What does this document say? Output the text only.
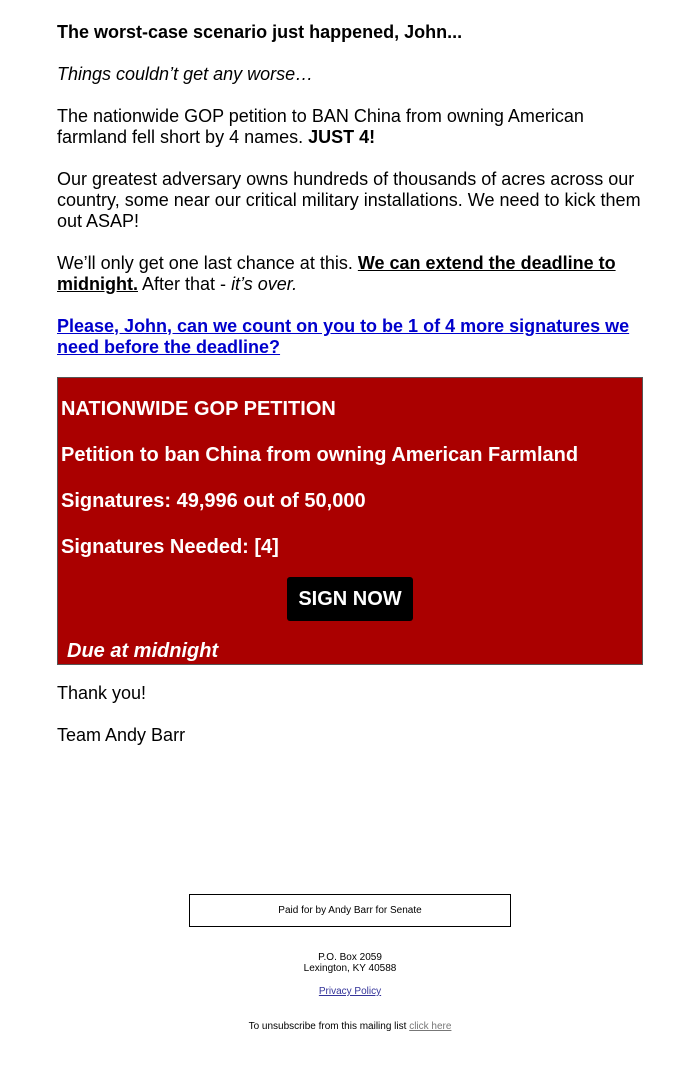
The worst-case scenario just happened, John...

Things couldn’t get any worse…

The nationwide GOP petition to BAN China from owning American farmland fell short by 4 names. JUST 4!

Our greatest adversary owns hundreds of thousands of acres across our country, some near our critical military installations. We need to kick them out ASAP!

We’ll only get one last chance at this. We can extend the deadline to midnight. After that - it’s over.

Please, John, can we count on you to be 1 of 4 more signatures we need before the deadline?

NATIONWIDE GOP PETITION
Petition to ban China from owning American Farmland
Signatures: 49,996 out of 50,000
Signatures Needed: [4]
SIGN NOW
Due at midnight

Thank you!

Team Andy Barr

Paid for by Andy Barr for Senate
P.O. Box 2059
Lexington, KY 40588
Privacy Policy
To unsubscribe from this mailing list click here
